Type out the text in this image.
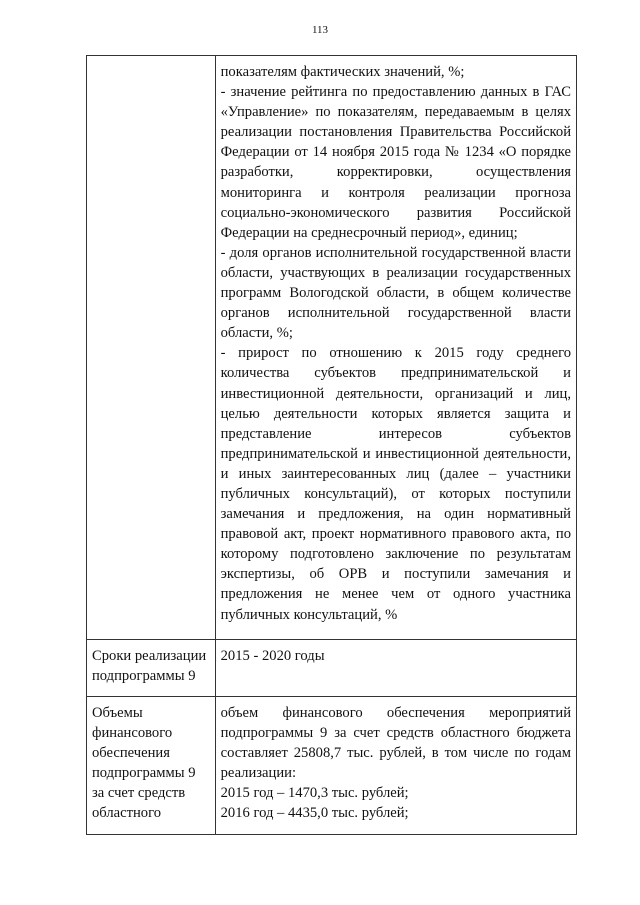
113

	показателям фактических значений, %;

- значение рейтинга по предоставлению данных в ГАС «Управление» по показателям, передаваемым в целях реализации постановления Правительства Российской Федерации от 14 ноября 2015 года № 1234 «О порядке разработки, корректировки, осуществления мониторинга и контроля реализации прогноза социально-экономического развития Российской Федерации на среднесрочный период», единиц;

- доля органов исполнительной государственной власти области, участвующих в реализации государственных программ Вологодской области, в общем количестве органов исполнительной государственной власти области, %;

- прирост по отношению к 2015 году среднего количества субъектов предпринимательской и инвестиционной деятельности, организаций и лиц, целью деятельности которых является защита и представление интересов субъектов предпринимательской и инвестиционной деятельности, и иных заинтересованных лиц (далее – участники публичных консультаций), от которых поступили замечания и предложения, на один нормативный правовой акт, проект нормативного правового акта, по которому подготовлено заключение по результатам экспертизы, об ОРВ и поступили замечания и предложения не менее чем от одного участника публичных консультаций, %

Сроки реализации подпрограммы 9	2015 - 2020 годы

Объемы финансового обеспечения подпрограммы 9 за счет средств областного	объем финансового обеспечения мероприятий подпрограммы 9 за счет средств областного бюджета составляет 25808,7 тыс. рублей, в том числе по годам реализации:

2015 год – 1470,3 тыс. рублей;

2016 год – 4435,0 тыс. рублей;
